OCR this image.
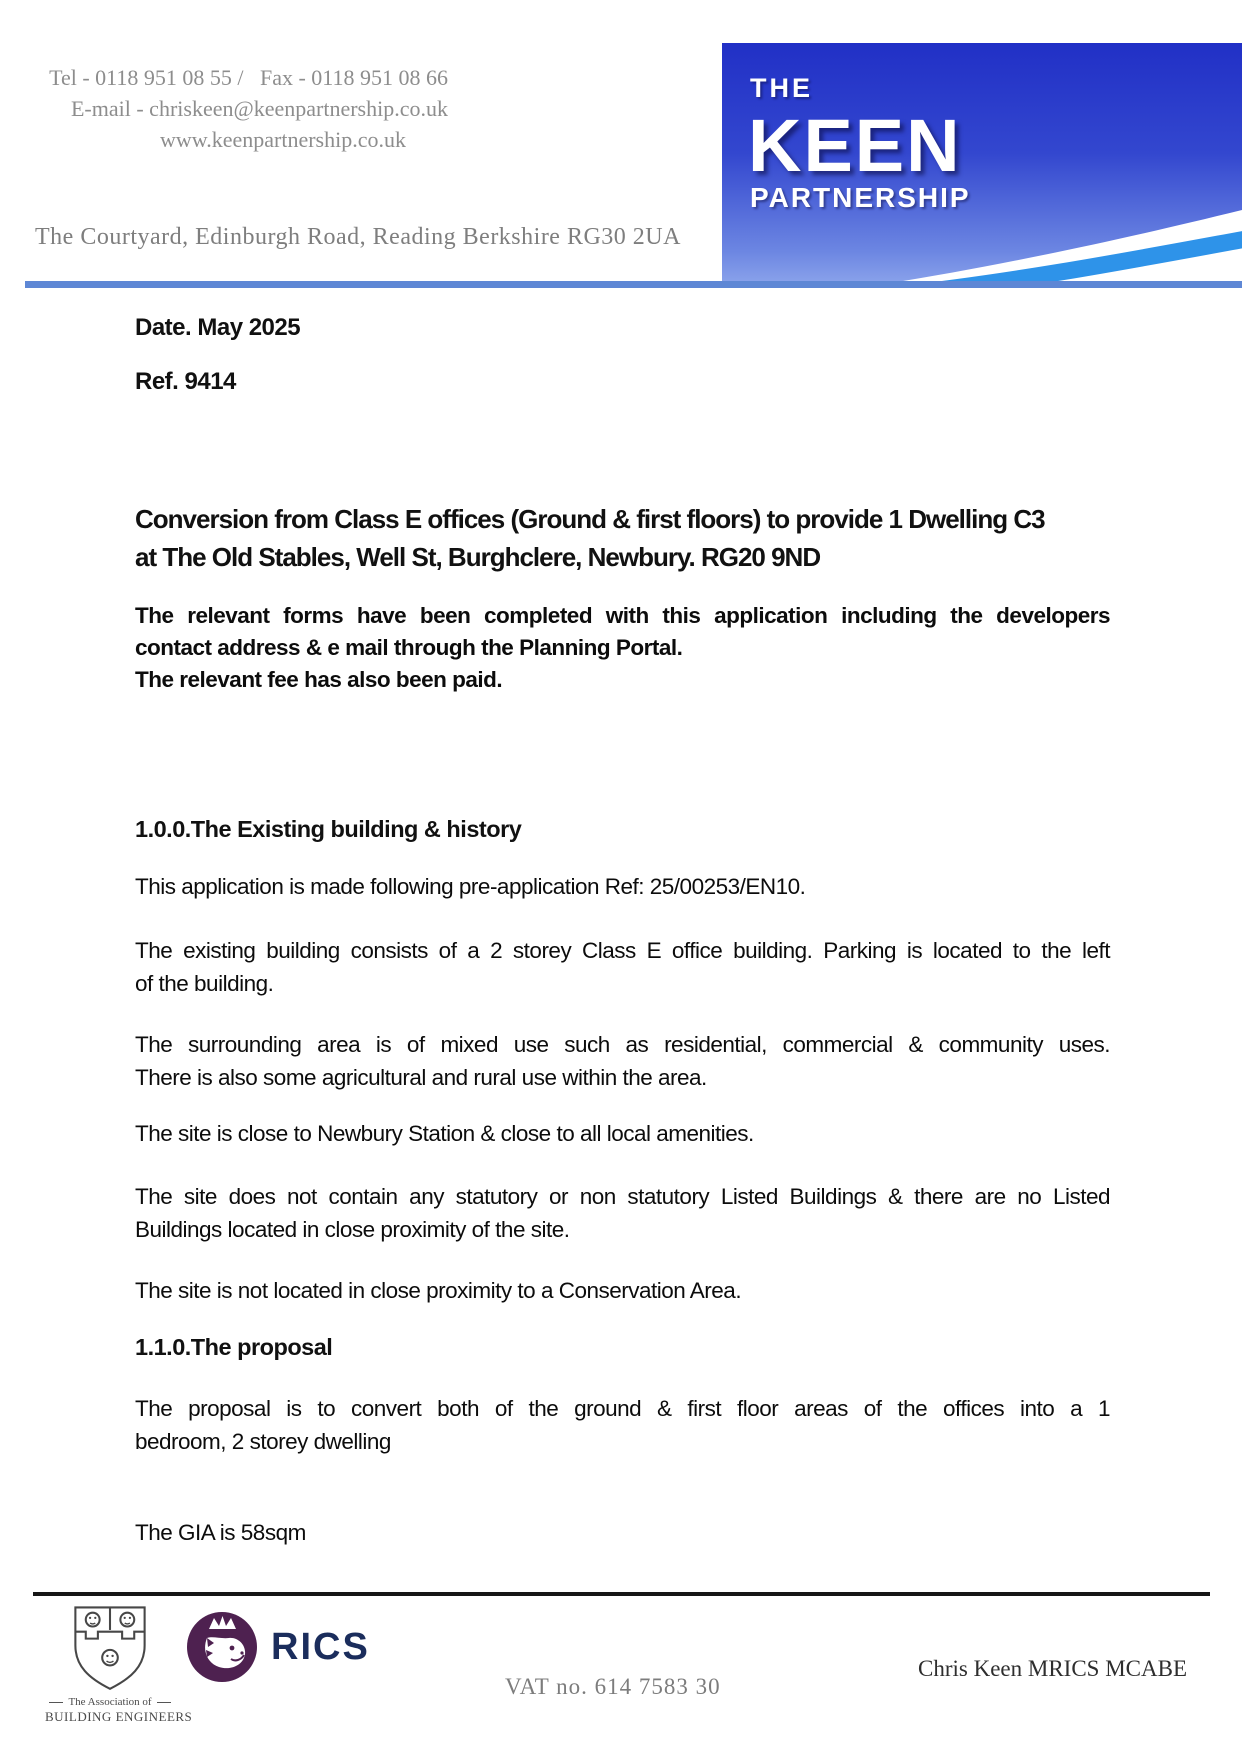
Tel - 0118 951 08 55 /   Fax - 0118 951 08 66
E-mail - chriskeen@keenpartnership.co.uk
www.keenpartnership.co.uk
The Courtyard, Edinburgh Road, Reading Berkshire RG30 2UA
THE
KEEN
PARTNERSHIP
Date. May 2025
Ref. 9414
Conversion from Class E offices (Ground & first floors) to provide 1 Dwelling C3
at The Old Stables, Well St, Burghclere, Newbury. RG20 9ND
The relevant forms have been completed with this application including the developers
contact address & e mail through the Planning Portal.
The relevant fee has also been paid.
1.0.0.The Existing building & history
This application is made following pre-application Ref: 25/00253/EN10.
The existing building consists of a 2 storey Class E office building. Parking is located to the left
of the building.
The surrounding area is of mixed use such as residential, commercial & community uses.
There is also some agricultural and rural use within the area.
The site is close to Newbury Station & close to all local amenities.
The site does not contain any statutory or non statutory Listed Buildings & there are no Listed
Buildings located in close proximity of the site.
The site is not located in close proximity to a Conservation Area.
1.1.0.The proposal
The proposal is to convert both of the ground & first floor areas of the offices into a 1
bedroom, 2 storey dwelling
The GIA is 58sqm
The Association of
BUILDING ENGINEERS
RICS
VAT no. 614 7583 30
Chris Keen MRICS MCABE
